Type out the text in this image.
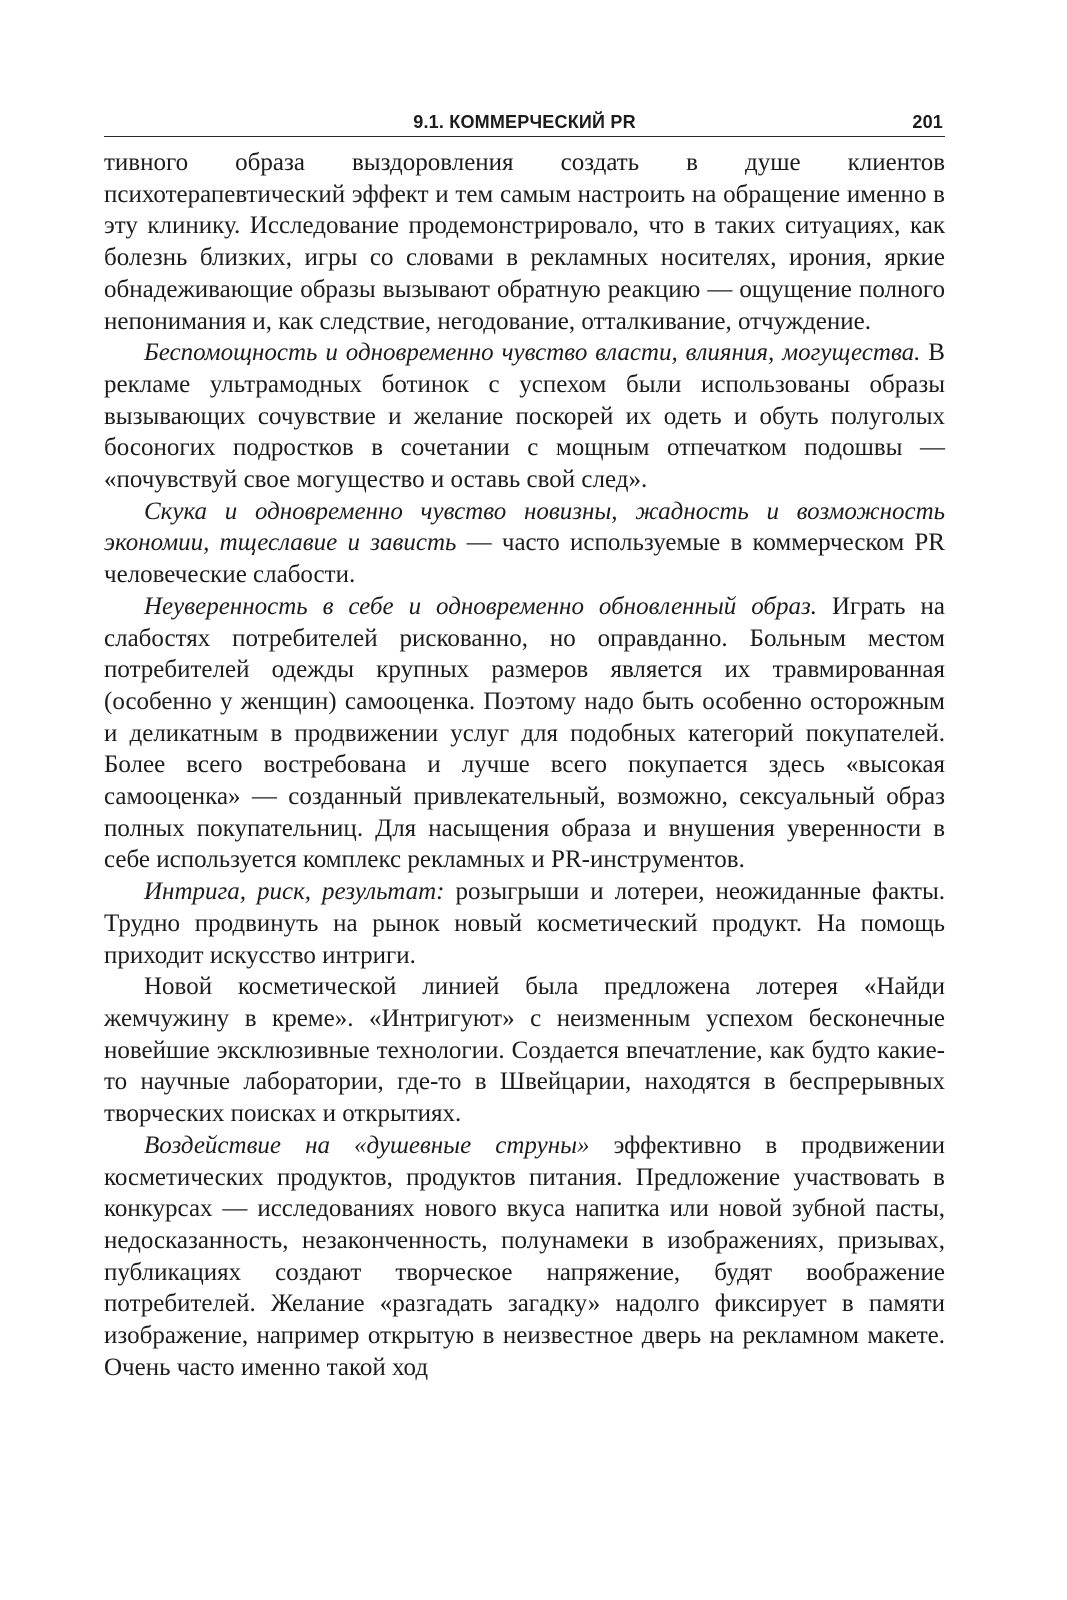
9.1. КОММЕРЧЕСКИЙ PR	201

тивного образа выздоровления создать в душе клиентов психотерапевтический эффект и тем самым настроить на обращение именно в эту клинику. Исследование продемонстрировало, что в таких ситуациях, как болезнь близких, игры со словами в рекламных носителях, ирония, яркие обнадеживающие образы вызывают обратную реакцию — ощущение полного непонимания и, как следствие, негодование, отталкивание, отчуждение.

Беспомощность и одновременно чувство власти, влияния, могущества. В рекламе ультрамодных ботинок с успехом были использованы образы вызывающих сочувствие и желание поскорей их одеть и обуть полуголых босоногих подростков в сочетании с мощным отпечатком подошвы — «почувствуй свое могущество и оставь свой след».

Скука и одновременно чувство новизны, жадность и возможность экономии, тщеславие и зависть — часто используемые в коммерческом PR человеческие слабости.

Неуверенность в себе и одновременно обновленный образ. Играть на слабостях потребителей рискованно, но оправданно. Больным местом потребителей одежды крупных размеров является их травмированная (особенно у женщин) самооценка. Поэтому надо быть особенно осторожным и деликатным в продвижении услуг для подобных категорий покупателей. Более всего востребована и лучше всего покупается здесь «высокая самооценка» — созданный привлекательный, возможно, сексуальный образ полных покупательниц. Для насыщения образа и внушения уверенности в себе используется комплекс рекламных и PR-инструментов.

Интрига, риск, результат: розыгрыши и лотереи, неожиданные факты. Трудно продвинуть на рынок новый косметический продукт. На помощь приходит искусство интриги.

Новой косметической линией была предложена лотерея «Найди жемчужину в креме». «Интригуют» с неизменным успехом бесконечные новейшие эксклюзивные технологии. Создается впечатление, как будто какие-то научные лаборатории, где-то в Швейцарии, находятся в беспрерывных творческих поисках и открытиях.

Воздействие на «душевные струны» эффективно в продвижении косметических продуктов, продуктов питания. Предложение участвовать в конкурсах — исследованиях нового вкуса напитка или новой зубной пасты, недосказанность, незаконченность, полунамеки в изображениях, призывах, публикациях создают творческое напряжение, будят воображение потребителей. Желание «разгадать загадку» надолго фиксирует в памяти изображение, например открытую в неизвестное дверь на рекламном макете. Очень часто именно такой ход
